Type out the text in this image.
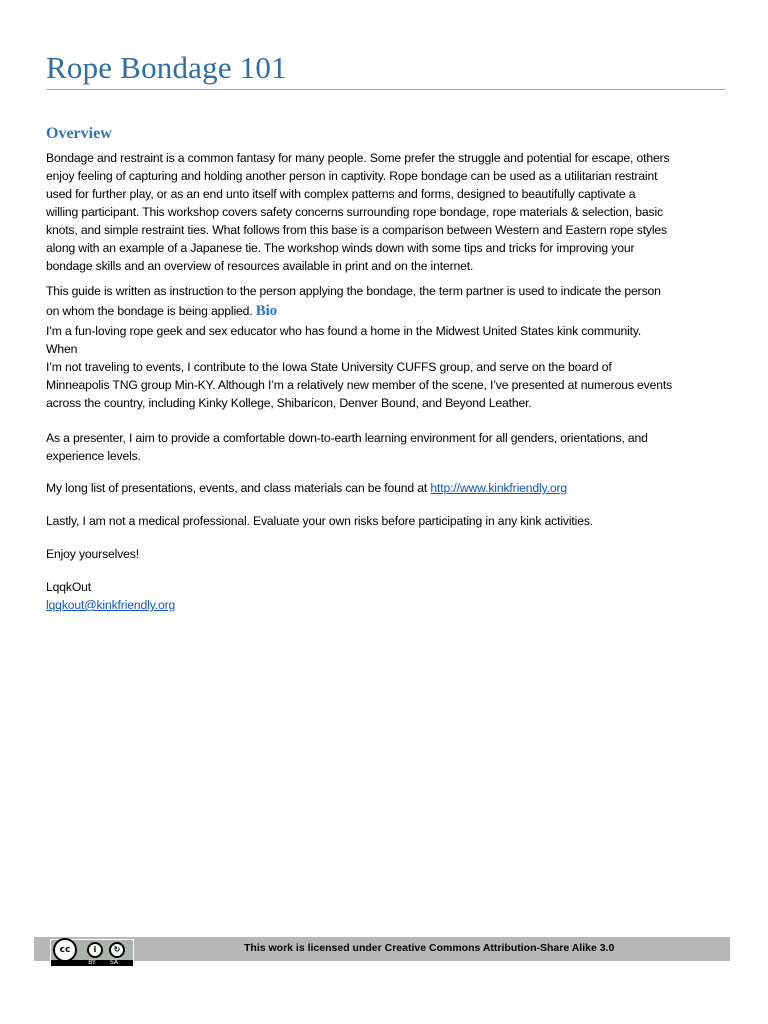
Rope Bondage 101
Overview
Bondage and restraint is a common fantasy for many people. Some prefer the struggle and potential for escape, others
enjoy feeling of capturing and holding another person in captivity. Rope bondage can be used as a utilitarian restraint
used for further play, or as an end unto itself with complex patterns and forms, designed to beautifully captivate a
willing participant. This workshop covers safety concerns surrounding rope bondage, rope materials & selection, basic
knots, and simple restraint ties. What follows from this base is a comparison between Western and Eastern rope styles
along with an example of a Japanese tie. The workshop winds down with some tips and tricks for improving your
bondage skills and an overview of resources available in print and on the internet.
This guide is written as instruction to the person applying the bondage, the term partner is used to indicate the person
on whom the bondage is being applied. Bio
I’m a fun-loving rope geek and sex educator who has found a home in the Midwest United States kink community.
When
I’m not traveling to events, I contribute to the Iowa State University CUFFS group, and serve on the board of
Minneapolis TNG group Min-KY. Although I’m a relatively new member of the scene, I’ve presented at numerous events
across the country, including Kinky Kollege, Shibaricon, Denver Bound, and Beyond Leather.
As a presenter, I aim to provide a comfortable down-to-earth learning environment for all genders, orientations, and
experience levels.
My long list of presentations, events, and class materials can be found at http://www.kinkfriendly.org
Lastly, I am not a medical professional. Evaluate your own risks before participating in any kink activities.
Enjoy yourselves!
LqqkOut
lqqkout@kinkfriendly.org
cc	i	↻
BY SA
This work is licensed under Creative Commons Attribution-Share Alike 3.0
